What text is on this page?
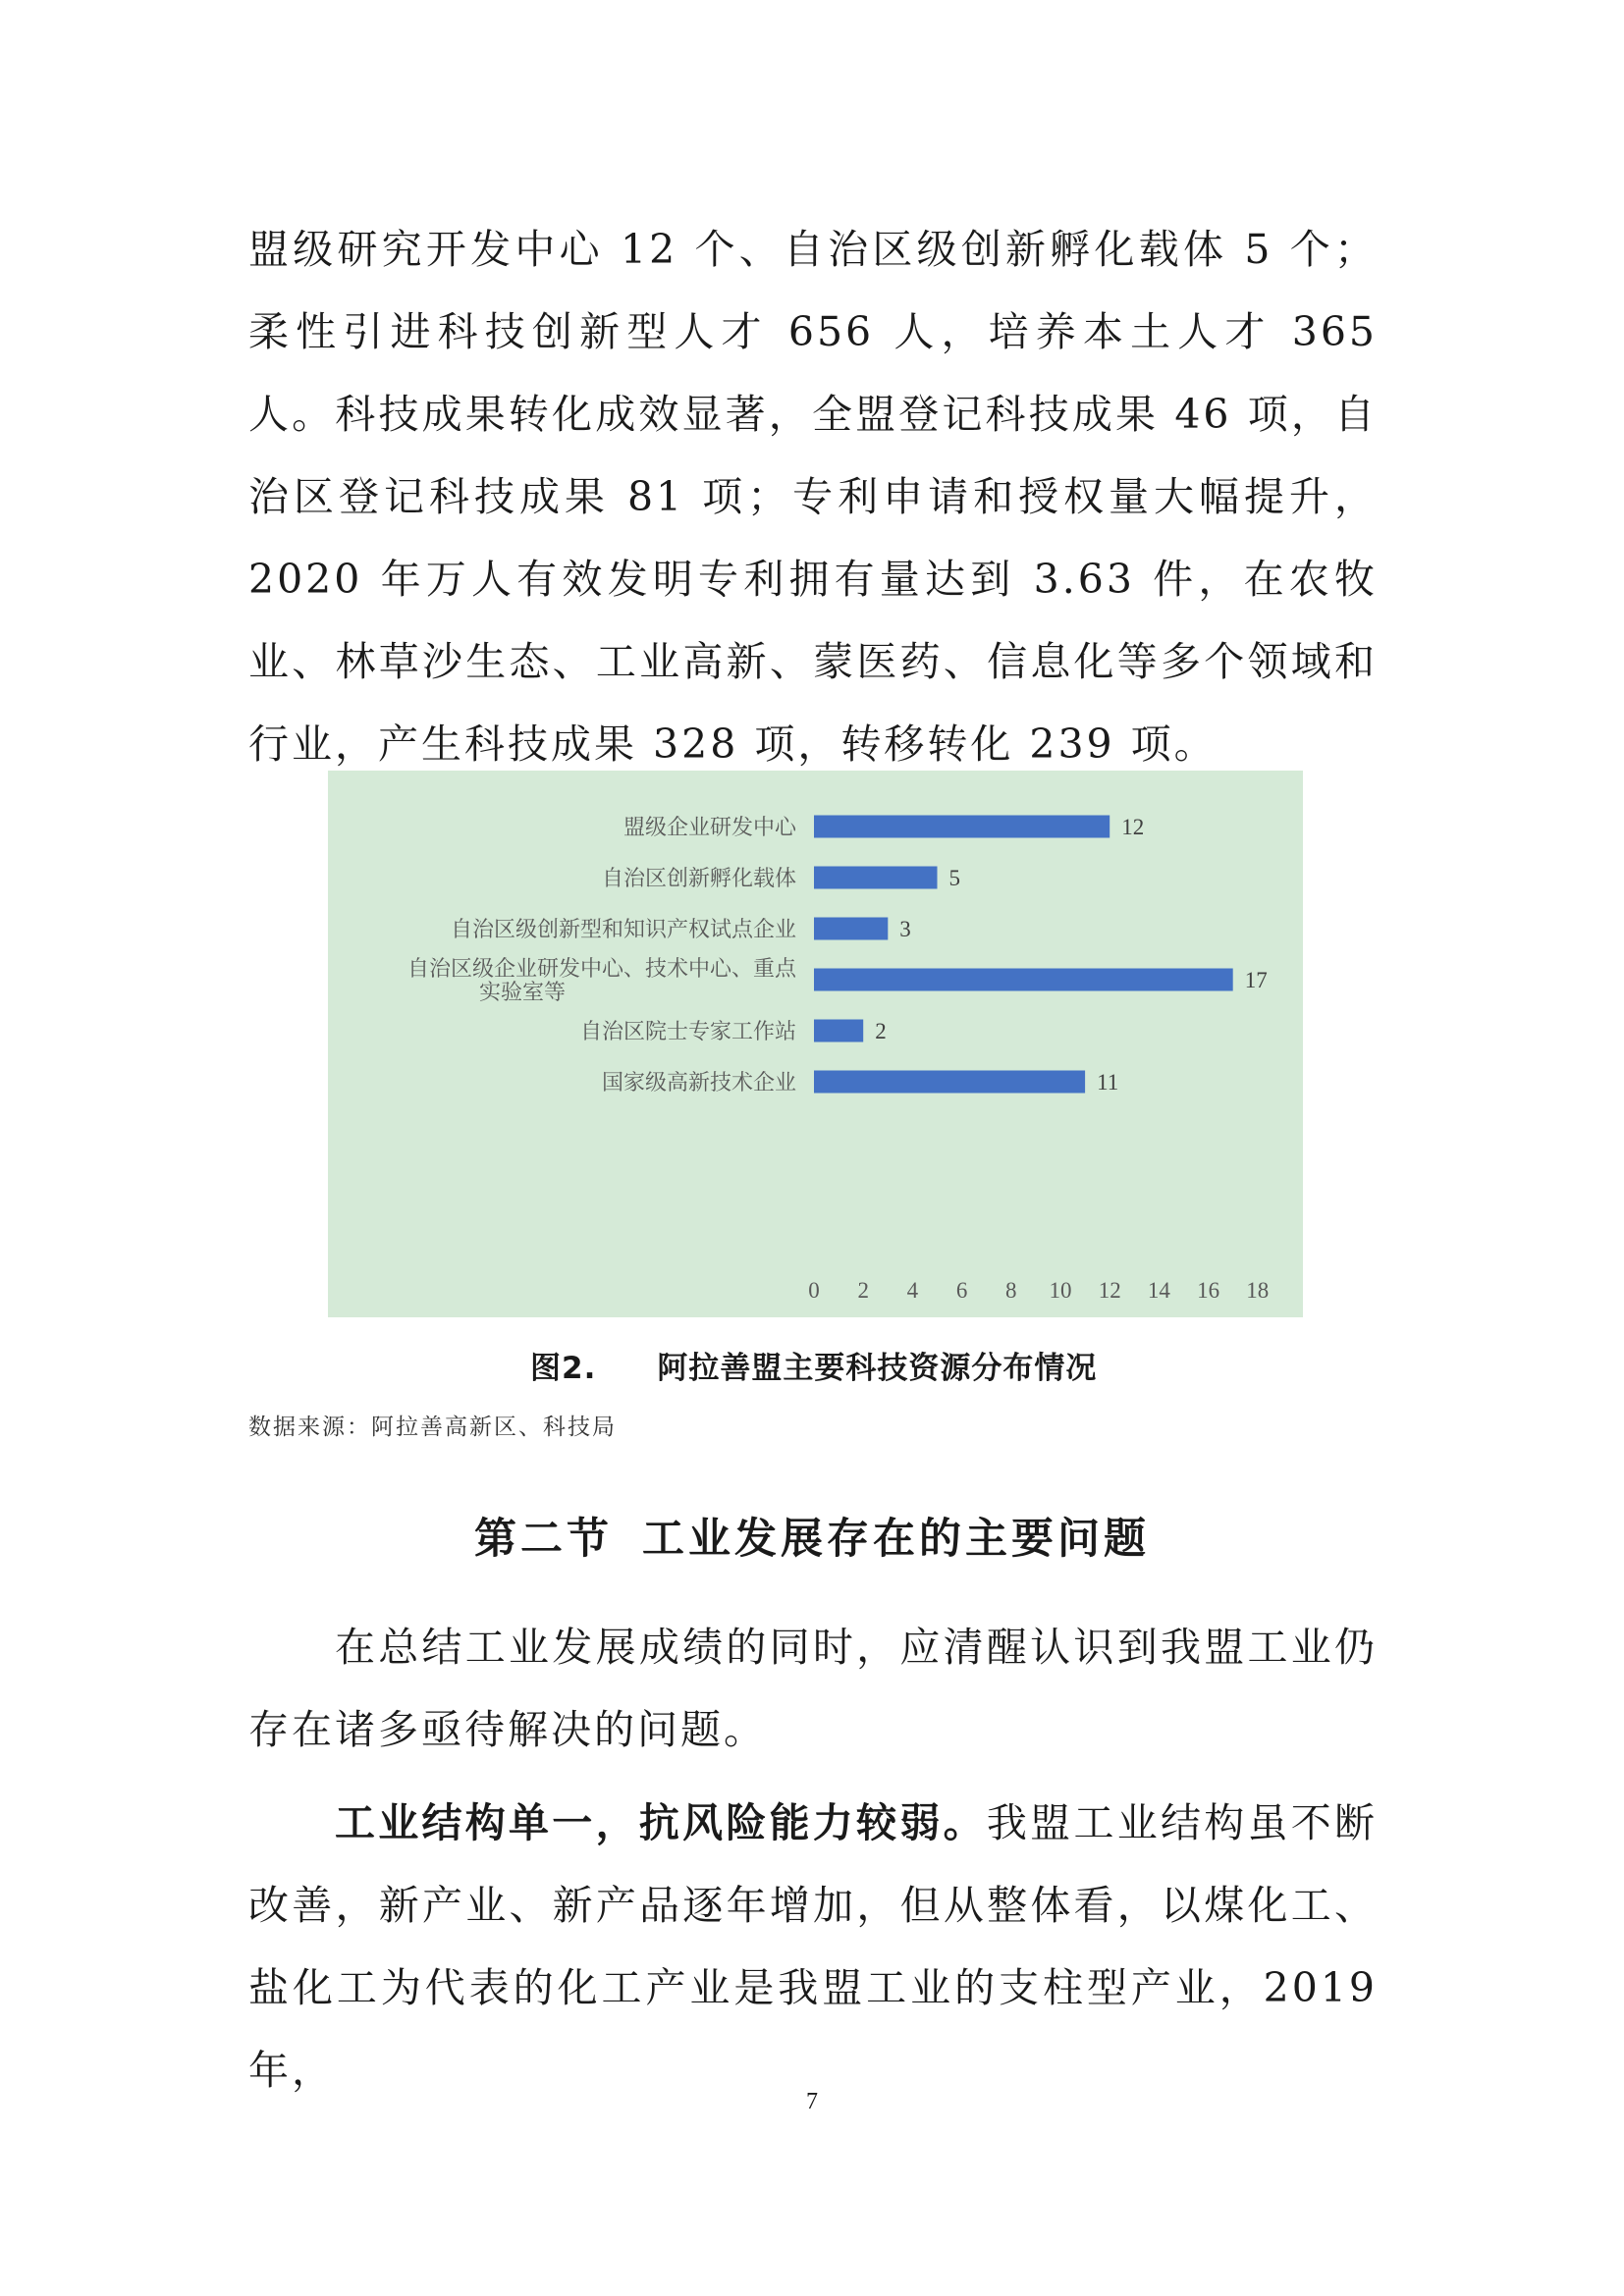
盟级研究开发中心 12 个、自治区级创新孵化载体 5 个；柔性引进科技创新型人才 656 人，培养本土人才 365 人。科技成果转化成效显著，全盟登记科技成果 46 项，自治区登记科技成果 81 项；专利申请和授权量大幅提升，2020 年万人有效发明专利拥有量达到 3.63 件，在农牧业、林草沙生态、工业高新、蒙医药、信息化等多个领域和行业，产生科技成果 328 项，转移转化 239 项。

12
盟级企业研发中心
5
自治区创新孵化载体
3
自治区级创新型和知识产权试点企业
17
自治区级企业研发中心、技术中心、重点实验室等
2
自治区院士专家工作站
11
国家级高新技术企业
0 2 4 6 8 10 12 14 16 18

图2. 阿拉善盟主要科技资源分布情况

数据来源：阿拉善高新区、科技局

第二节 工业发展存在的主要问题

在总结工业发展成绩的同时，应清醒认识到我盟工业仍存在诸多亟待解决的问题。

工业结构单一，抗风险能力较弱。我盟工业结构虽不断改善，新产业、新产品逐年增加，但从整体看，以煤化工、盐化工为代表的化工产业是我盟工业的支柱型产业，2019 年，

7
